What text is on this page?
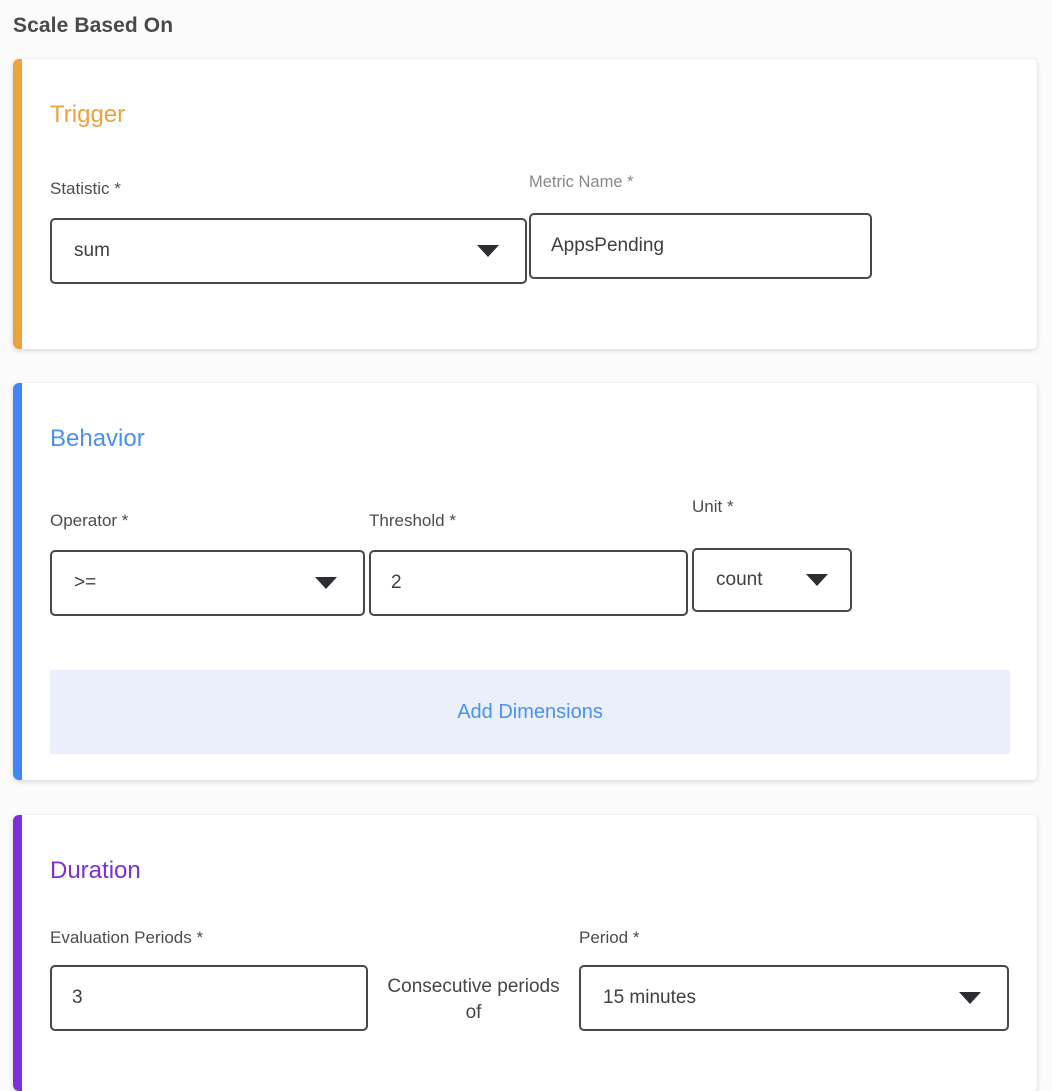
Scale Based On
Trigger
Statistic *
sum
Metric Name *
AppsPending
Behavior
Operator *
>=
Threshold *
2
Unit *
count
Add Dimensions
Duration
Evaluation Periods *
3
Consecutive periods of
Period *
15 minutes
